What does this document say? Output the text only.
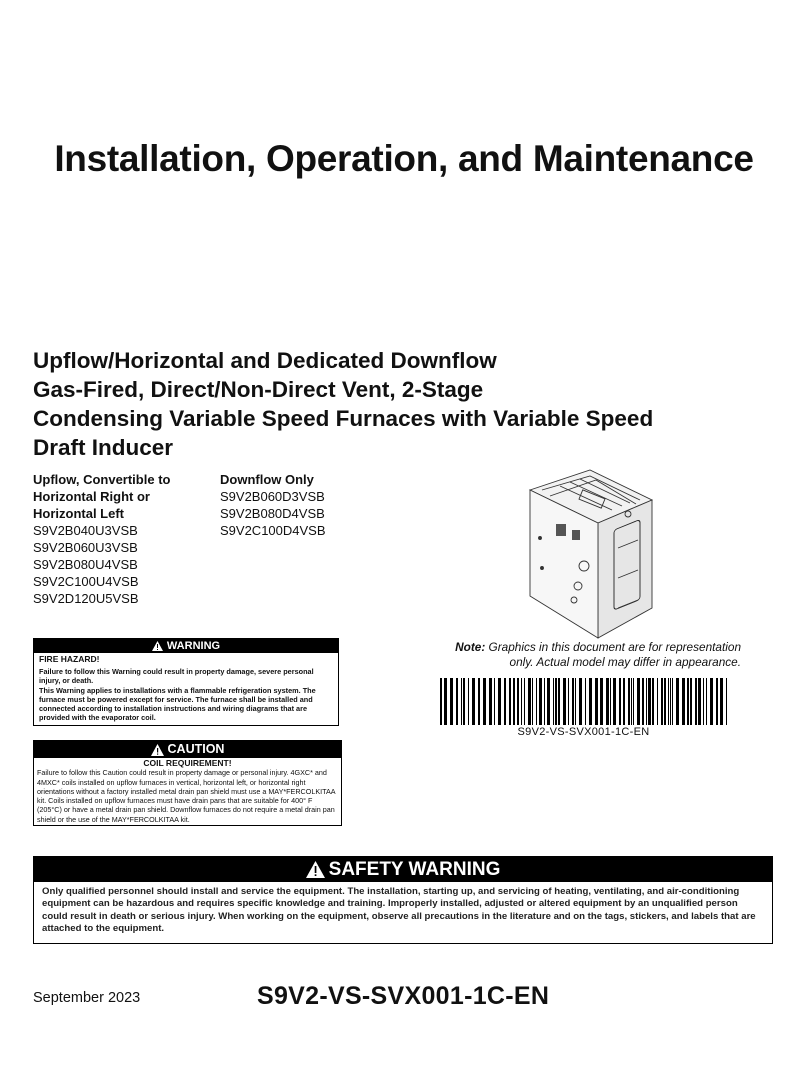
Installation, Operation, and Maintenance
Upflow/Horizontal and Dedicated Downflow
Gas-Fired, Direct/Non-Direct Vent, 2-Stage
Condensing Variable Speed Furnaces with Variable Speed
Draft Inducer
Upflow, Convertible to
Horizontal Right or
Horizontal Left
S9V2B040U3VSB
S9V2B060U3VSB
S9V2B080U4VSB
S9V2C100U4VSB
S9V2D120U5VSB
Downflow Only
S9V2B060D3VSB
S9V2B080D4VSB
S9V2C100D4VSB
Note: Graphics in this document are for representation
only. Actual model may differ in appearance.
S9V2-VS-SVX001-1C-EN
WARNING
FIRE HAZARD!

Failure to follow this Warning could result in property damage, severe personal injury, or death.

This Warning applies to installations with a flammable refrigeration system. The furnace must be powered except for service. The furnace shall be installed and connected according to installation instructions and wiring diagrams that are provided with the evaporator coil.

CAUTION
COIL REQUIREMENT!
Failure to follow this Caution could result in property damage or personal injury. 4GXC* and 4MXC* coils installed on upflow furnaces in vertical, horizontal left, or horizontal right orientations without a factory installed metal drain pan shield must use a MAY*FERCOLKITAA kit. Coils installed on upflow furnaces must have drain pans that are suitable for 400° F (205°C) or have a metal drain pan shield. Downflow furnaces do not require a metal drain pan shield or the use of the MAY*FERCOLKITAA kit.
SAFETY WARNING
Only qualified personnel should install and service the equipment. The installation, starting up, and servicing of heating, ventilating, and air-conditioning equipment can be hazardous and requires specific knowledge and training. Improperly installed, adjusted or altered equipment by an unqualified person could result in death or serious injury. When working on the equipment, observe all precautions in the literature and on the tags, stickers, and labels that are attached to the equipment.
September 2023	S9V2-VS-SVX001-1C-EN
